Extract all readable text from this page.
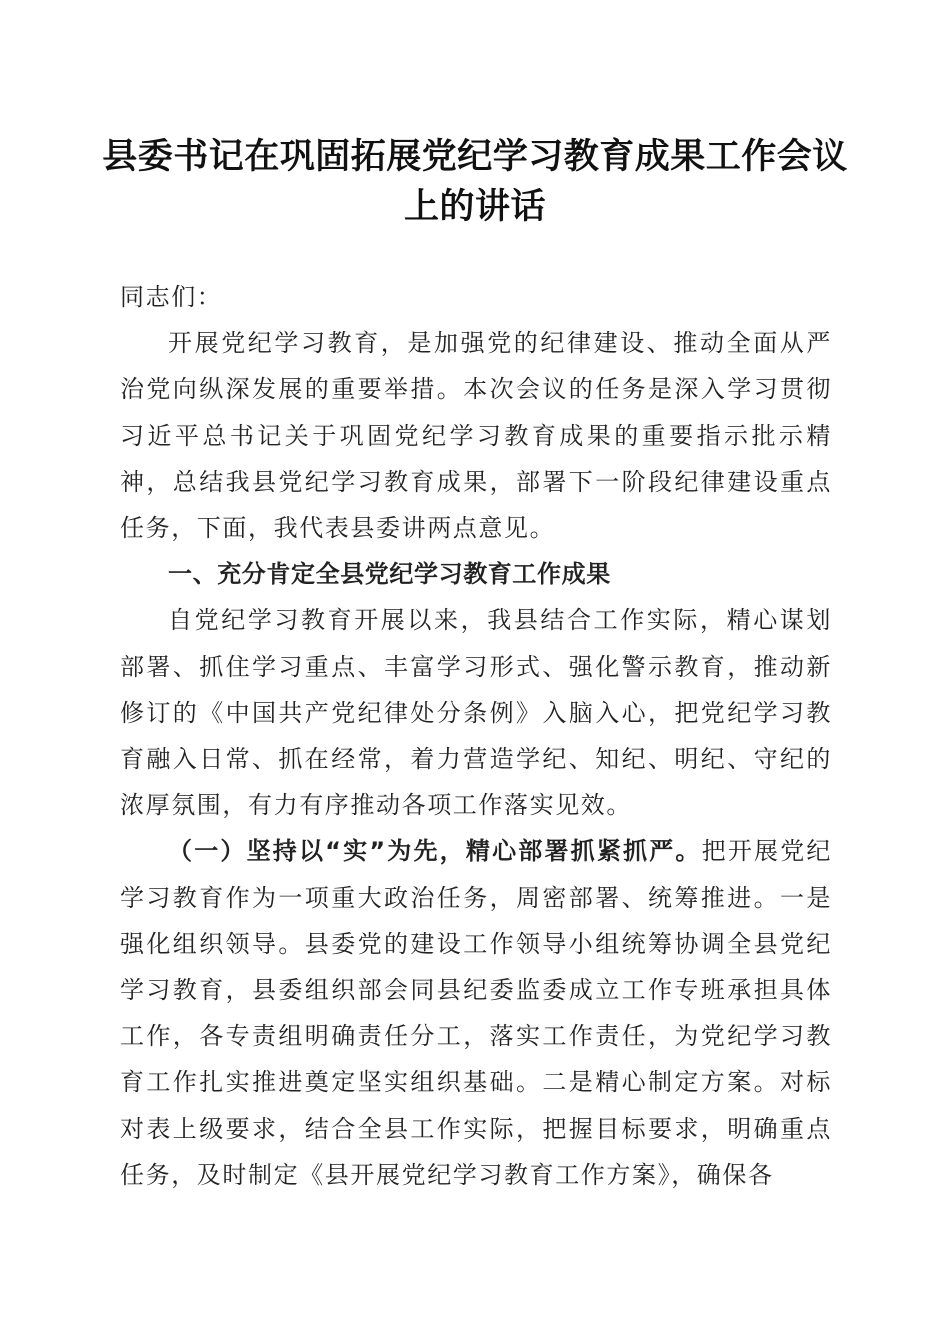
县委书记在巩固拓展党纪学习教育成果工作会议上的讲话

同志们：

开展党纪学习教育，是加强党的纪律建设、推动全面从严治党向纵深发展的重要举措。本次会议的任务是深入学习贯彻习近平总书记关于巩固党纪学习教育成果的重要指示批示精神，总结我县党纪学习教育成果，部署下一阶段纪律建设重点任务，下面，我代表县委讲两点意见。

一、充分肯定全县党纪学习教育工作成果

自党纪学习教育开展以来，我县结合工作实际，精心谋划部署、抓住学习重点、丰富学习形式、强化警示教育，推动新修订的《中国共产党纪律处分条例》入脑入心，把党纪学习教育融入日常、抓在经常，着力营造学纪、知纪、明纪、守纪的浓厚氛围，有力有序推动各项工作落实见效。

（一）坚持以“实”为先，精心部署抓紧抓严。把开展党纪学习教育作为一项重大政治任务，周密部署、统筹推进。一是强化组织领导。县委党的建设工作领导小组统筹协调全县党纪学习教育，县委组织部会同县纪委监委成立工作专班承担具体工作，各专责组明确责任分工，落实工作责任，为党纪学习教育工作扎实推进奠定坚实组织基础。二是精心制定方案。对标对表上级要求，结合全县工作实际，把握目标要求，明确重点任务，及时制定《县开展党纪学习教育工作方案》，确保各
